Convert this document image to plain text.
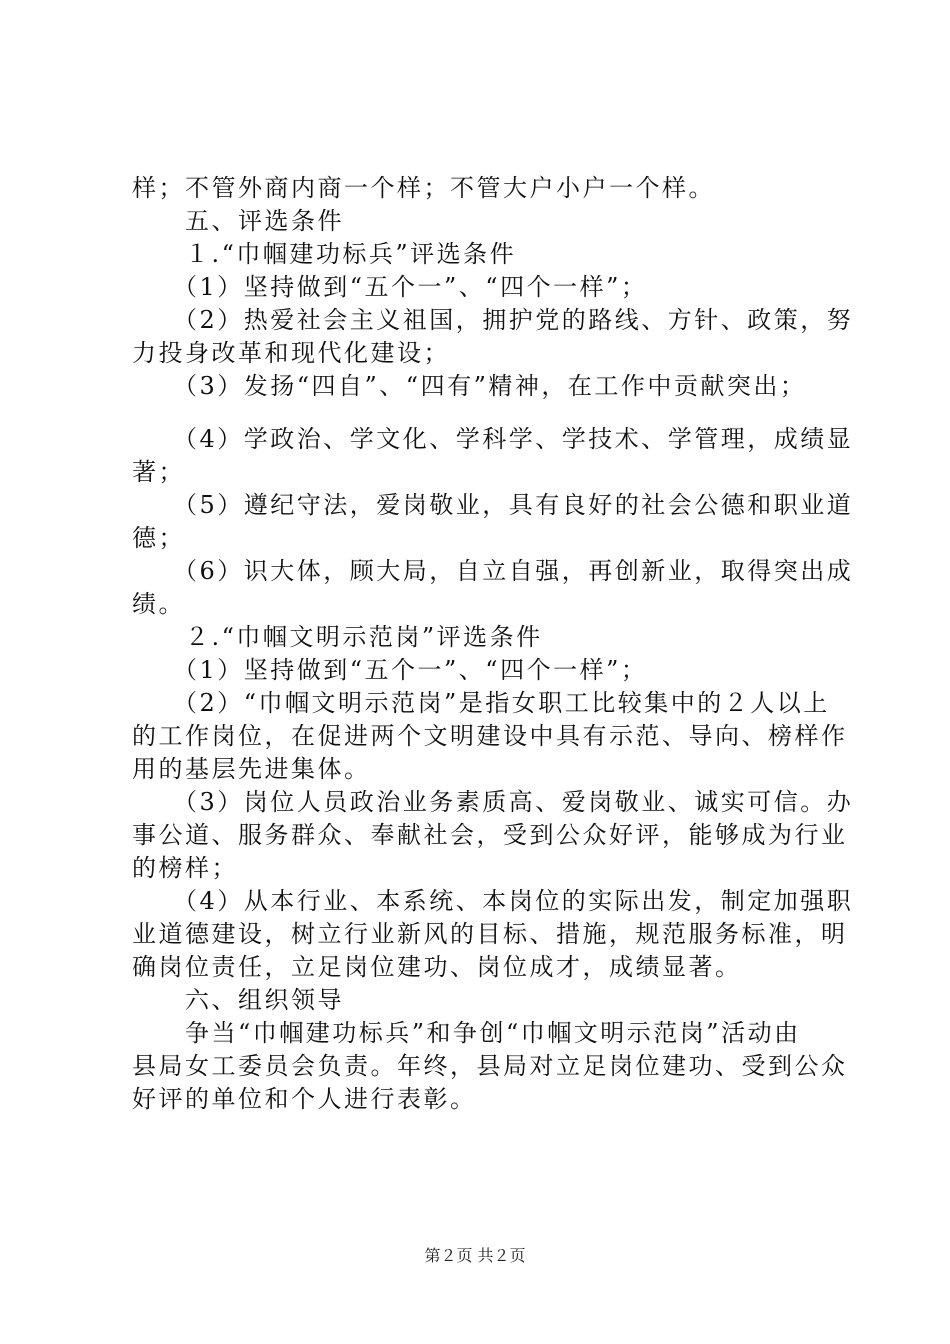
样；不管外商内商一个样；不管大户小户一个样。
　　五、评选条件
　　１.“巾帼建功标兵”评选条件
　　（1）坚持做到“五个一”、“四个一样”；
　　（2）热爱社会主义祖国，拥护党的路线、方针、政策，努
力投身改革和现代化建设；
　　（3）发扬“四自”、“四有”精神，在工作中贡献突出；
　　（4）学政治、学文化、学科学、学技术、学管理，成绩显
著；
　　（5）遵纪守法，爱岗敬业，具有良好的社会公德和职业道
德；
　　（6）识大体，顾大局，自立自强，再创新业，取得突出成
绩。
　　２.“巾帼文明示范岗”评选条件
　　（1）坚持做到“五个一”、“四个一样”；
　　（2）“巾帼文明示范岗”是指女职工比较集中的２人以上
的工作岗位，在促进两个文明建设中具有示范、导向、榜样作
用的基层先进集体。
　　（3）岗位人员政治业务素质高、爱岗敬业、诚实可信。办
事公道、服务群众、奉献社会，受到公众好评，能够成为行业
的榜样；
　　（4）从本行业、本系统、本岗位的实际出发，制定加强职
业道德建设，树立行业新风的目标、措施，规范服务标准，明
确岗位责任，立足岗位建功、岗位成才，成绩显著。
　　六、组织领导
　　争当“巾帼建功标兵”和争创“巾帼文明示范岗”活动由
县局女工委员会负责。年终，县局对立足岗位建功、受到公众
好评的单位和个人进行表彰。
第２页 共２页
